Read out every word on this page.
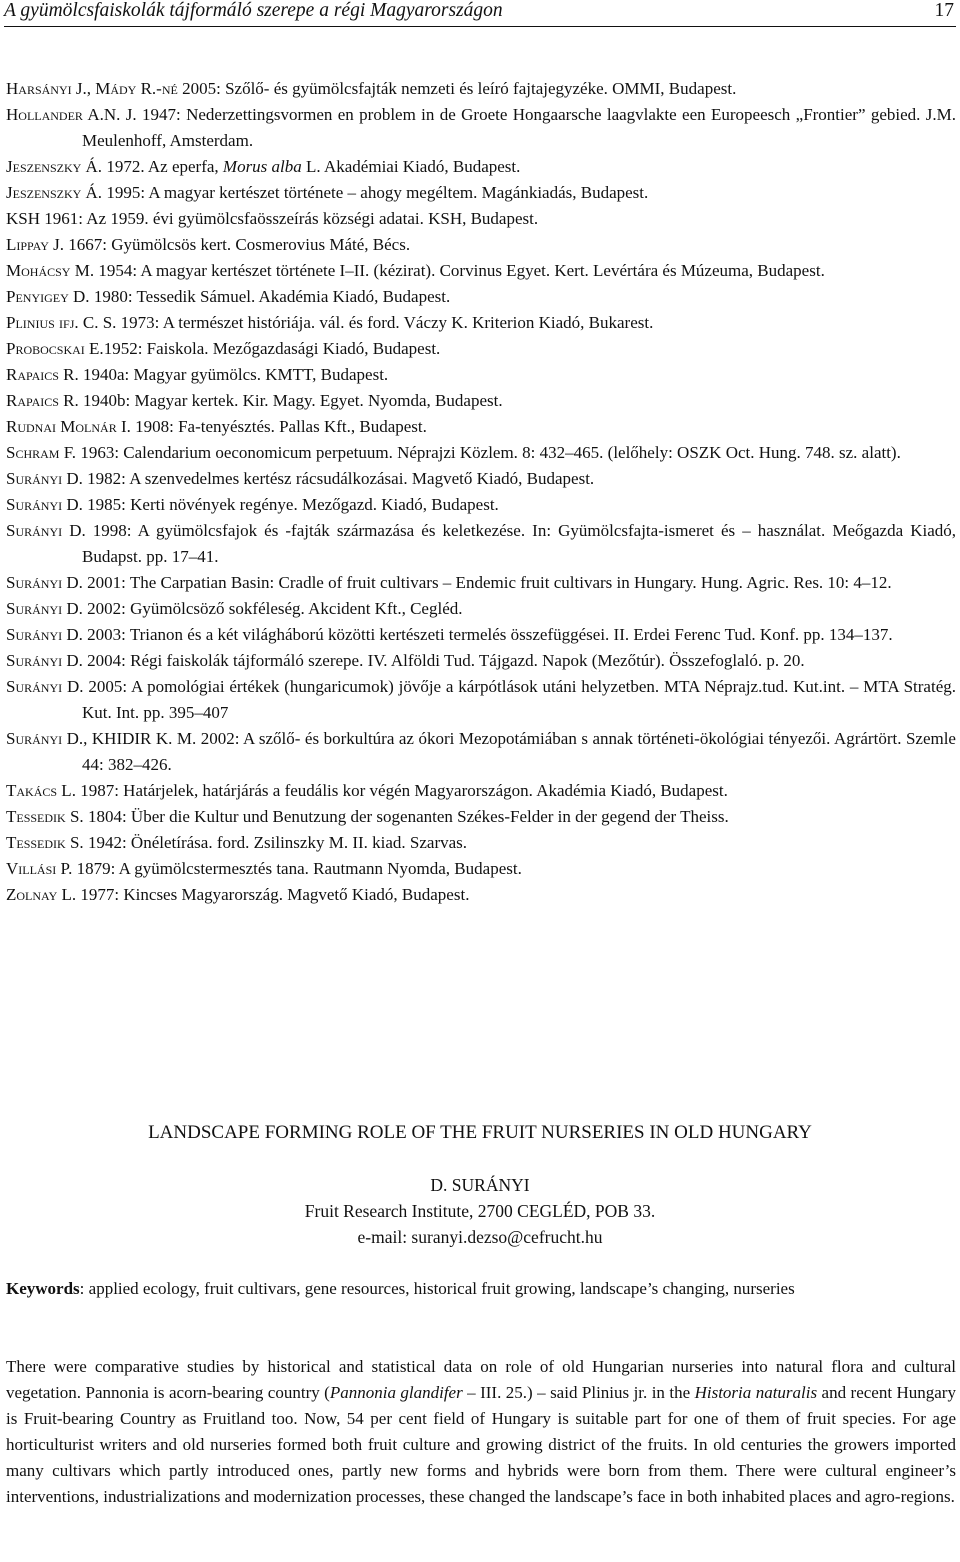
A gyümölcsfaiskolák tájformáló szerepe a régi Magyarországon	17

Harsányi J., Mády R.-né 2005: Szőlő- és gyümölcsfajták nemzeti és leíró fajtajegyzéke. OMMI, Budapest.

Hollander A.N. J. 1947: Nederzettingsvormen en problem in de Groete Hongaarsche laagvlakte een Europeesch „Frontier” gebied. J.M. Meulenhoff, Amsterdam.

Jeszenszky Á. 1972. Az eperfa, Morus alba L. Akadémiai Kiadó, Budapest.

Jeszenszky Á. 1995: A magyar kertészet története – ahogy megéltem. Magánkiadás, Budapest.

KSH 1961: Az 1959. évi gyümölcsfaösszeírás községi adatai. KSH, Budapest.

Lippay J. 1667: Gyümölcsös kert. Cosmerovius Máté, Bécs.

Mohácsy M. 1954: A magyar kertészet története I–II. (kézirat). Corvinus Egyet. Kert. Levértára és Múzeuma, Budapest.

Penyigey D. 1980: Tessedik Sámuel. Akadémia Kiadó, Budapest.

Plinius ifj. C. S. 1973: A természet históriája. vál. és ford. Váczy K. Kriterion Kiadó, Bukarest.

Probocskai E.1952: Faiskola. Mezőgazdasági Kiadó, Budapest.

Rapaics R. 1940a: Magyar gyümölcs. KMTT, Budapest.

Rapaics R. 1940b: Magyar kertek. Kir. Magy. Egyet. Nyomda, Budapest.

Rudnai Molnár I. 1908: Fa-tenyésztés. Pallas Kft., Budapest.

Schram F. 1963: Calendarium oeconomicum perpetuum. Néprajzi Közlem. 8: 432–465. (lelőhely: OSZK Oct. Hung. 748. sz. alatt).

Surányi D. 1982: A szenvedelmes kertész rácsudálkozásai. Magvető Kiadó, Budapest.

Surányi D. 1985: Kerti növények regénye. Mezőgazd. Kiadó, Budapest.

Surányi D. 1998: A gyümölcsfajok és -fajták származása és keletkezése. In: Gyümölcsfajta-ismeret és – használat. Meőgazda Kiadó, Budapst. pp. 17–41.

Surányi D. 2001: The Carpatian Basin: Cradle of fruit cultivars – Endemic fruit cultivars in Hungary. Hung. Agric. Res. 10: 4–12.

Surányi D. 2002: Gyümölcsöző sokféleség. Akcident Kft., Cegléd.

Surányi D. 2003: Trianon és a két világháború közötti kertészeti termelés összefüggései. II. Erdei Ferenc Tud. Konf. pp. 134–137.

Surányi D. 2004: Régi faiskolák tájformáló szerepe. IV. Alföldi Tud. Tájgazd. Napok (Mezőtúr). Összefoglaló. p. 20.

Surányi D. 2005: A pomológiai értékek (hungaricumok) jövője a kárpótlások utáni helyzetben. MTA Néprajz.tud. Kut.int. – MTA Stratég. Kut. Int. pp. 395–407

Surányi D., KHIDIR K. M. 2002: A szőlő- és borkultúra az ókori Mezopotámiában s annak történeti-ökológiai tényezői. Agrártört. Szemle 44: 382–426.

Takács L. 1987: Határjelek, határjárás a feudális kor végén Magyarországon. Akadémia Kiadó, Budapest.

Tessedik S. 1804: Über die Kultur und Benutzung der sogenanten Székes-Felder in der gegend der Theiss.

Tessedik S. 1942: Önéletírása. ford. Zsilinszky M. II. kiad. Szarvas.

Villási P. 1879: A gyümölcstermesztés tana. Rautmann Nyomda, Budapest.

Zolnay L. 1977: Kincses Magyarország. Magvető Kiadó, Budapest.

LANDSCAPE FORMING ROLE OF THE FRUIT NURSERIES IN OLD HUNGARY
D. SURÁNYI
Fruit Research Institute, 2700 CEGLÉD, POB 33.
e-mail: suranyi.dezso@cefrucht.hu

Keywords: applied ecology, fruit cultivars, gene resources, historical fruit growing, landscape’s changing, nurseries

There were comparative studies by historical and statistical data on role of old Hungarian nurseries into natural flora and cultural vegetation. Pannonia is acorn-bearing country (Pannonia glandifer – III. 25.) – said Plinius jr. in the Historia naturalis and recent Hungary is Fruit-bearing Country as Fruitland too. Now, 54 per cent field of Hungary is suitable part for one of them of fruit species. For age horticulturist writers and old nurseries formed both fruit culture and growing district of the fruits. In old centuries the growers imported many cultivars which partly introduced ones, partly new forms and hybrids were born from them. There were cultural engineer’s interventions, industrializations and modernization processes, these changed the landscape’s face in both inhabited places and agro-regions.
